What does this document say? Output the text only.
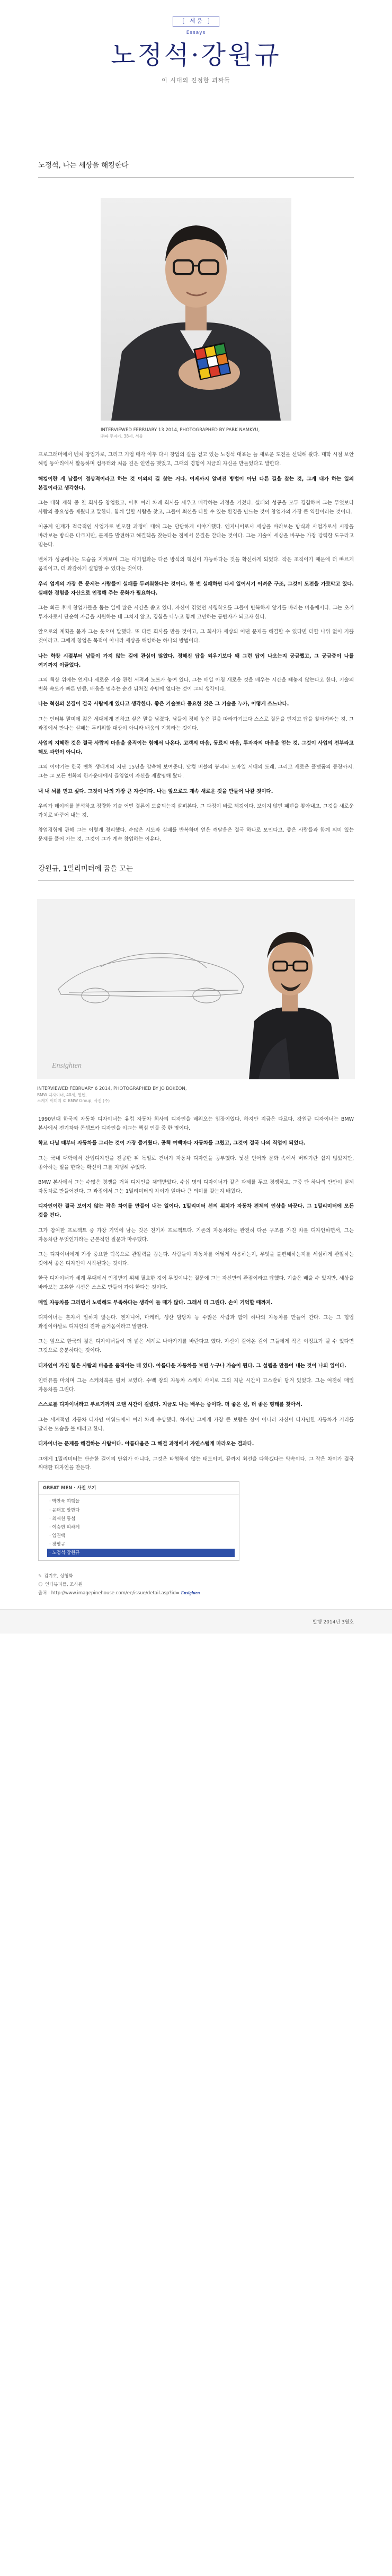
[ 세움 ]
Essays
노정석·강원규
이 시대의 진정한 괴짜들
노정석, 나는 세상을 해킹한다
INTERVIEWED FEBRUARY 13 2014, PHOTOGRAPHED BY PARK NAMKYU,
㈜파 투자가, 38세, 서울

프로그래머에서 벤처 창업가로, 그리고 기업 매각 이후 다시 창업의 길을 걷고 있는 노정석 대표는 늘 새로운 도전을 선택해 왔다. 대학 시절 보안 해킹 동아리에서 활동하며 컴퓨터와 처음 깊은 인연을 맺었고, 그때의 경험이 지금의 자신을 만들었다고 말한다.

해킹이란 게 남들이 정상적이라고 하는 것 이외의 길 찾는 거다. 이제까지 알려진 방법이 아닌 다른 길을 찾는 것, 그게 내가 하는 일의 본질이라고 생각한다.

그는 대학 재학 중 첫 회사를 창업했고, 이후 여러 차례 회사를 세우고 매각하는 과정을 거쳤다. 실패와 성공을 모두 경험하며 그는 무엇보다 사람의 중요성을 배웠다고 말한다. 함께 일할 사람을 찾고, 그들이 최선을 다할 수 있는 환경을 만드는 것이 창업가의 가장 큰 역할이라는 것이다.

이공계 인재가 적극적인 사업가로 변모한 과정에 대해 그는 담담하게 이야기했다. 엔지니어로서 세상을 바라보는 방식과 사업가로서 시장을 바라보는 방식은 다르지만, 문제를 발견하고 해결책을 찾는다는 점에서 본질은 같다는 것이다. 그는 기술이 세상을 바꾸는 가장 강력한 도구라고 믿는다.

벤처가 성공해나는 모습을 지켜보며 그는 대기업과는 다른 방식의 혁신이 가능하다는 것을 확신하게 되었다. 작은 조직이기 때문에 더 빠르게 움직이고, 더 과감하게 실험할 수 있다는 것이다.

우리 업계의 가장 큰 문제는 사람들이 실패를 두려워한다는 것이다. 한 번 실패하면 다시 일어서기 어려운 구조, 그것이 도전을 가로막고 있다. 실패한 경험을 자산으로 인정해 주는 문화가 필요하다.

그는 최근 후배 창업가들을 돕는 일에 많은 시간을 쏟고 있다. 자신이 겪었던 시행착오를 그들이 반복하지 않기를 바라는 마음에서다. 그는 초기 투자자로서 단순히 자금을 지원하는 데 그치지 않고, 경험을 나누고 함께 고민하는 동반자가 되고자 한다.

앞으로의 계획을 묻자 그는 웃으며 말했다. 또 다른 회사를 만들 것이고, 그 회사가 세상의 어떤 문제를 해결할 수 있다면 더할 나위 없이 기쁠 것이라고. 그에게 창업은 목적이 아니라 세상을 해킹하는 하나의 방법이다.

나는 학창 시절부터 남들이 가지 않는 길에 관심이 많았다. 정해진 답을 외우기보다 왜 그런 답이 나오는지 궁금했고, 그 궁금증이 나를 여기까지 이끌었다.

그의 책상 위에는 언제나 새로운 기술 관련 서적과 노트가 놓여 있다. 그는 매일 아침 새로운 것을 배우는 시간을 빼놓지 않는다고 한다. 기술의 변화 속도가 빠른 만큼, 배움을 멈추는 순간 뒤처질 수밖에 없다는 것이 그의 생각이다.

나는 혁신의 본질이 결국 사람에게 있다고 생각한다. 좋은 기술보다 중요한 것은 그 기술을 누가, 어떻게 쓰느냐다.

그는 인터뷰 말미에 젊은 세대에게 전하고 싶은 말을 남겼다. 남들이 정해 놓은 길을 따라가기보다 스스로 질문을 던지고 답을 찾아가라는 것. 그 과정에서 만나는 실패는 두려워할 대상이 아니라 배움의 기회라는 것이다.

사업의 지혜란 것은 결국 사람의 마음을 움직이는 힘에서 나온다. 고객의 마음, 동료의 마음, 투자자의 마음을 얻는 것. 그것이 사업의 전부라고 해도 과언이 아니다.

그의 이야기는 한국 벤처 생태계의 지난 15년을 압축해 보여준다. 닷컴 버블의 붕괴와 모바일 시대의 도래, 그리고 새로운 플랫폼의 등장까지. 그는 그 모든 변화의 한가운데에서 끊임없이 자신을 재발명해 왔다.

내 내 뇌를 믿고 싶다. 그것이 나의 가장 큰 자산이다. 나는 앞으로도 계속 새로운 것을 만들어 나갈 것이다.

우리가 데이터를 분석하고 정량화 기술 어떤 결론이 도출되는지 살펴본다. 그 과정이 바로 해킹이다. 보이지 않던 패턴을 찾아내고, 그것을 새로운 가치로 바꾸어 내는 것.

창업경험에 관해 그는 이렇게 정리했다. 수많은 시도와 실패를 반복하며 얻은 깨달음은 결국 하나로 모인다고. 좋은 사람들과 함께 의미 있는 문제를 풀어 가는 것, 그것이 그가 계속 창업하는 이유다.

강원규, 1밀리미터에 꿈을 모는
Ensighten
INTERVIEWED FEBRUARY 6 2014, PHOTOGRAPHED BY JO BOKEON,
BMW 디자이너, 40세, 뮌헨,
스케치 이미지 © BMW Group, 사진 (주)

1990년대 한국의 자동차 디자이너는 유럽 자동차 회사의 디자인을 배워오는 입장이었다. 하지만 지금은 다르다. 강원규 디자이너는 BMW 본사에서 전기차와 콘셉트카 디자인을 이끄는 핵심 인물 중 한 명이다.

학교 다닐 때부터 자동차를 그리는 것이 가장 즐거웠다. 공책 여백마다 자동차를 그렸고, 그것이 결국 나의 직업이 되었다.

그는 국내 대학에서 산업디자인을 전공한 뒤 독일로 건너가 자동차 디자인을 공부했다. 낯선 언어와 문화 속에서 버티기란 쉽지 않았지만, 좋아하는 일을 한다는 확신이 그를 지탱해 주었다.

BMW 본사에서 그는 수많은 경쟁을 거쳐 디자인을 채택받았다. 수십 명의 디자이너가 같은 과제를 두고 경쟁하고, 그중 단 하나의 안만이 실제 자동차로 만들어진다. 그 과정에서 그는 1밀리미터의 차이가 얼마나 큰 의미를 갖는지 배웠다.

디자인이란 결국 보이지 않는 작은 차이를 만들어 내는 일이다. 1밀리미터 선의 위치가 자동차 전체의 인상을 바꾼다. 그 1밀리미터에 모든 것을 건다.

그가 참여한 프로젝트 중 가장 기억에 남는 것은 전기차 프로젝트다. 기존의 자동차와는 완전히 다른 구조를 가진 차를 디자인하면서, 그는 자동차란 무엇인가라는 근본적인 질문과 마주했다.

그는 디자이너에게 가장 중요한 덕목으로 관찰력을 꼽는다. 사람들이 자동차를 어떻게 사용하는지, 무엇을 불편해하는지를 세심하게 관찰하는 것에서 좋은 디자인이 시작된다는 것이다.

한국 디자이너가 세계 무대에서 인정받기 위해 필요한 것이 무엇이냐는 질문에 그는 자신만의 관점이라고 답했다. 기술은 배울 수 있지만, 세상을 바라보는 고유한 시선은 스스로 만들어 가야 한다는 것이다.

매일 자동차를 그리면서 노력해도 부족하다는 생각이 들 때가 많다. 그래서 더 그린다. 손이 기억할 때까지.

디자이너는 혼자서 일하지 않는다. 엔지니어, 마케터, 생산 담당자 등 수많은 사람과 함께 하나의 자동차를 만들어 간다. 그는 그 협업 과정이야말로 디자인의 진짜 즐거움이라고 말한다.

그는 앞으로 한국의 젊은 디자이너들이 더 넓은 세계로 나아가기를 바란다고 했다. 자신이 걸어온 길이 그들에게 작은 이정표가 될 수 있다면 그것으로 충분하다는 것이다.

디자인이 가진 힘은 사람의 마음을 움직이는 데 있다. 아름다운 자동차를 보면 누구나 가슴이 뛴다. 그 설렘을 만들어 내는 것이 나의 일이다.

인터뷰를 마치며 그는 스케치북을 펼쳐 보였다. 수백 장의 자동차 스케치 사이로 그의 지난 시간이 고스란히 담겨 있었다. 그는 여전히 매일 자동차를 그린다.

스스로를 디자이너라고 부르기까지 오랜 시간이 걸렸다. 지금도 나는 배우는 중이다. 더 좋은 선, 더 좋은 형태를 찾아서.

그는 세계적인 자동차 디자인 어워드에서 여러 차례 수상했다. 하지만 그에게 가장 큰 보람은 상이 아니라 자신이 디자인한 자동차가 거리를 달리는 모습을 볼 때라고 한다.

디자이너는 문제를 해결하는 사람이다. 아름다움은 그 해결 과정에서 자연스럽게 따라오는 결과다.

그에게 1밀리미터는 단순한 길이의 단위가 아니다. 그것은 타협하지 않는 태도이며, 끝까지 최선을 다하겠다는 약속이다. 그 작은 차이가 결국 위대한 디자인을 만든다.

GREAT MEN · 사진 보기
· 박찬욱 여행을
· 윤태호 말한다
· 최재천 통섭
· 이승헌 피하게
· 임권택
· 장병규
· 노정석·강원규
✎ 김기호, 성형화
☺ 인터뷰피플, 조사원
출처 : http://www.imagepinehouse.com/ee/issue/detail.asp?id= Ensighten
발행 2014년 3월호
